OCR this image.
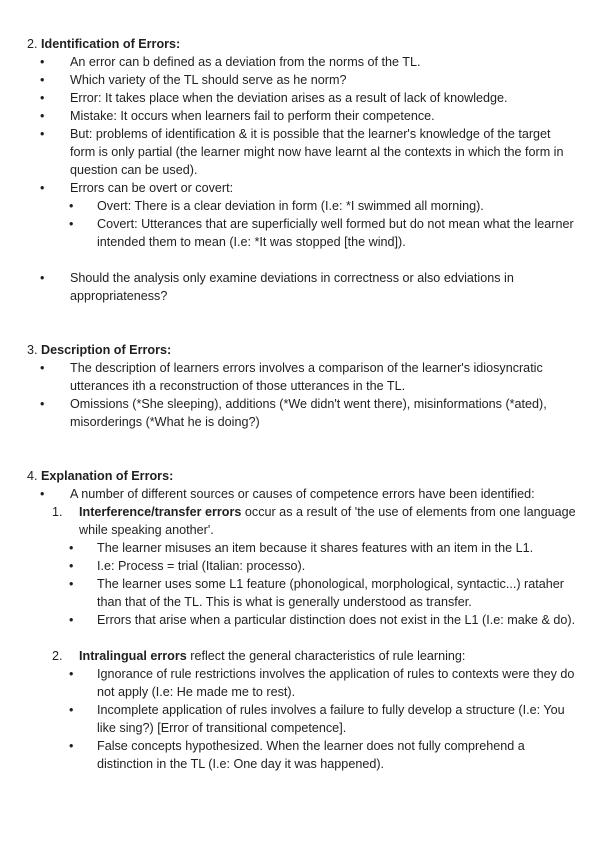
2. Identification of Errors:

• An error can b defined as a deviation from the norms of the TL.
• Which variety of the TL should serve as he norm?
• Error: It takes place when the deviation arises as a result of lack of knowledge.
• Mistake: It occurs when learners fail to perform their competence.
• But: problems of identification & it is possible that the learner's knowledge of the target form is only partial (the learner might now have learnt al the contexts in which the form in question can be used).
• Errors can be overt or covert:
• Overt: There is a clear deviation in form (I.e: *I swimmed all morning).
• Covert: Utterances that are superficially well formed but do not mean what the learner intended them to mean (I.e: *It was stopped [the wind]).
• Should the analysis only examine deviations in correctness or also edviations in appropriateness?

3. Description of Errors:

• The description of learners errors involves a comparison of the learner's idiosyncratic utterances ith a reconstruction of those utterances in the TL.
• Omissions (*She sleeping), additions (*We didn't went there), misinformations (*ated), misorderings (*What he is doing?)

4. Explanation of Errors:

• A number of different sources or causes of competence errors have been identified:
1. Interference/transfer errors occur as a result of 'the use of elements from one language while speaking another'.
• The learner misuses an item because it shares features with an item in the L1.
• I.e: Process = trial (Italian: processo).
• The learner uses some L1 feature (phonological, morphological, syntactic...) rataher than that of the TL. This is what is generally understood as transfer.
• Errors that arise when a particular distinction does not exist in the L1 (I.e: make & do).
2. Intralingual errors reflect the general characteristics of rule learning:
• Ignorance of rule restrictions involves the application of rules to contexts were they do not apply (I.e: He made me to rest).
• Incomplete application of rules involves a failure to fully develop a structure (I.e: You like sing?) [Error of transitional competence].
• False concepts hypothesized. When the learner does not fully comprehend a distinction in the TL (I.e: One day it was happened).
